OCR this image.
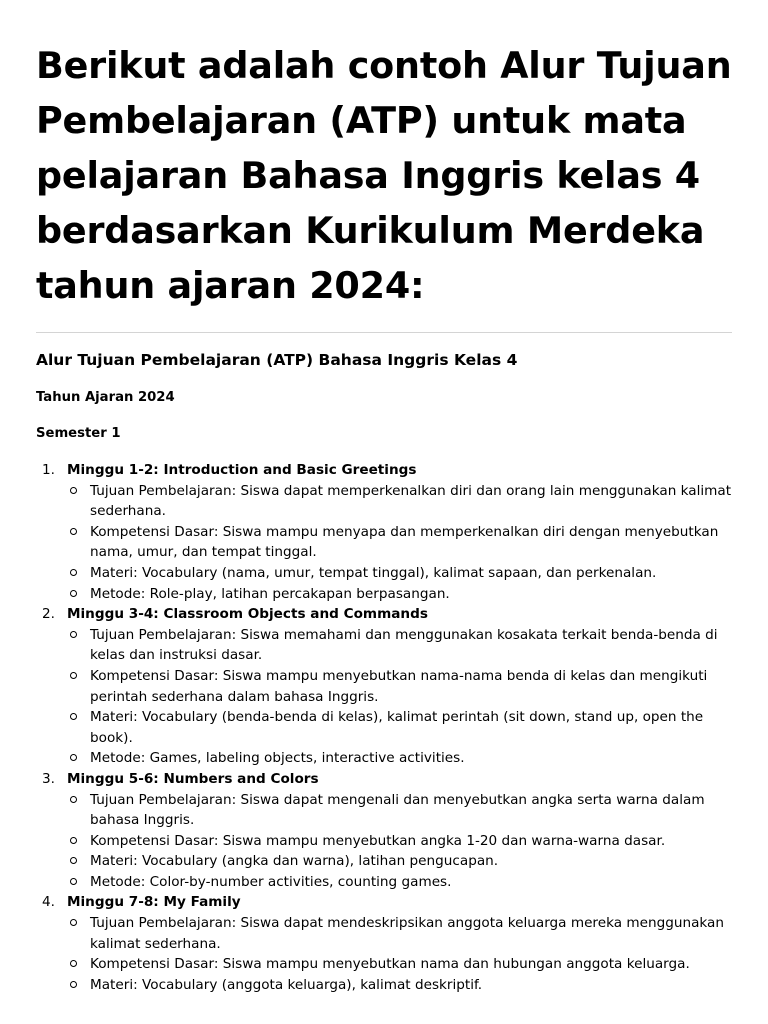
Berikut adalah contoh Alur Tujuan Pembelajaran (ATP) untuk mata pelajaran Bahasa Inggris kelas 4 berdasarkan Kurikulum Merdeka tahun ajaran 2024:
Alur Tujuan Pembelajaran (ATP) Bahasa Inggris Kelas 4
Tahun Ajaran 2024
Semester 1
1. Minggu 1-2: Introduction and Basic Greetings
Tujuan Pembelajaran: Siswa dapat memperkenalkan diri dan orang lain menggunakan kalimat sederhana.
Kompetensi Dasar: Siswa mampu menyapa dan memperkenalkan diri dengan menyebutkan nama, umur, dan tempat tinggal.
Materi: Vocabulary (nama, umur, tempat tinggal), kalimat sapaan, dan perkenalan.
Metode: Role-play, latihan percakapan berpasangan.
2. Minggu 3-4: Classroom Objects and Commands
Tujuan Pembelajaran: Siswa memahami dan menggunakan kosakata terkait benda-benda di kelas dan instruksi dasar.
Kompetensi Dasar: Siswa mampu menyebutkan nama-nama benda di kelas dan mengikuti perintah sederhana dalam bahasa Inggris.
Materi: Vocabulary (benda-benda di kelas), kalimat perintah (sit down, stand up, open the book).
Metode: Games, labeling objects, interactive activities.
3. Minggu 5-6: Numbers and Colors
Tujuan Pembelajaran: Siswa dapat mengenali dan menyebutkan angka serta warna dalam bahasa Inggris.
Kompetensi Dasar: Siswa mampu menyebutkan angka 1-20 dan warna-warna dasar.
Materi: Vocabulary (angka dan warna), latihan pengucapan.
Metode: Color-by-number activities, counting games.
4. Minggu 7-8: My Family
Tujuan Pembelajaran: Siswa dapat mendeskripsikan anggota keluarga mereka menggunakan kalimat sederhana.
Kompetensi Dasar: Siswa mampu menyebutkan nama dan hubungan anggota keluarga.
Materi: Vocabulary (anggota keluarga), kalimat deskriptif.
